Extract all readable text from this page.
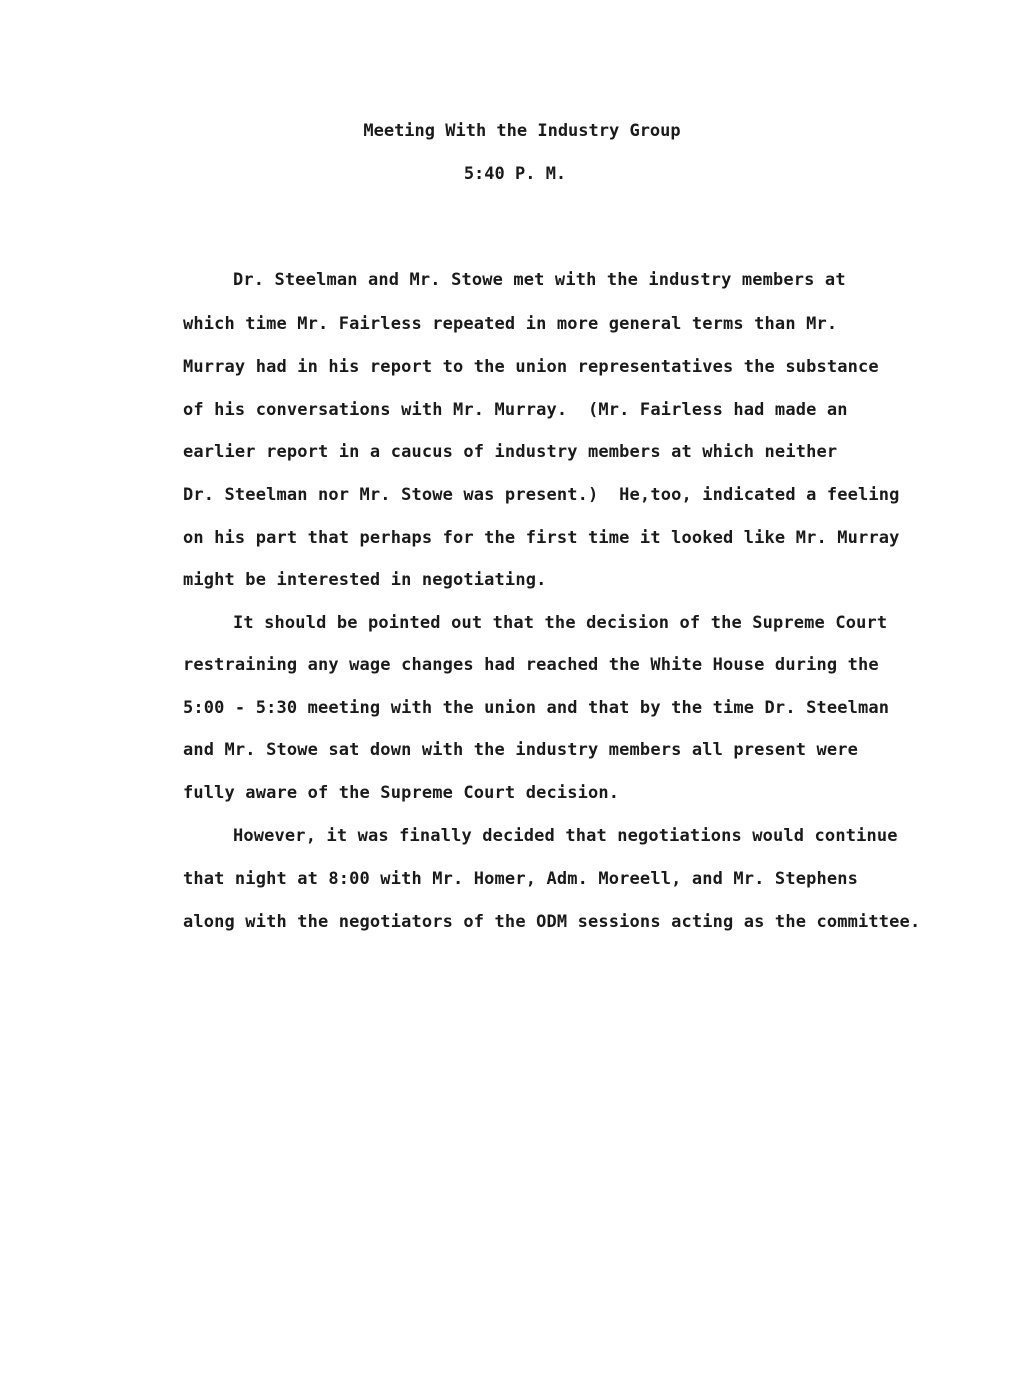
Meeting With the Industry Group

5:40 P. M.

Dr. Steelman and Mr. Stowe met with the industry members at

which time Mr. Fairless repeated in more general terms than Mr.

Murray had in his report to the union representatives the substance

of his conversations with Mr. Murray.  (Mr. Fairless had made an

earlier report in a caucus of industry members at which neither

Dr. Steelman nor Mr. Stowe was present.)  He,too, indicated a feeling

on his part that perhaps for the first time it looked like Mr. Murray

might be interested in negotiating.

It should be pointed out that the decision of the Supreme Court

restraining any wage changes had reached the White House during the

5:00 - 5:30 meeting with the union and that by the time Dr. Steelman

and Mr. Stowe sat down with the industry members all present were

fully aware of the Supreme Court decision.

However, it was finally decided that negotiations would continue

that night at 8:00 with Mr. Homer, Adm. Moreell, and Mr. Stephens

along with the negotiators of the ODM sessions acting as the committee.
